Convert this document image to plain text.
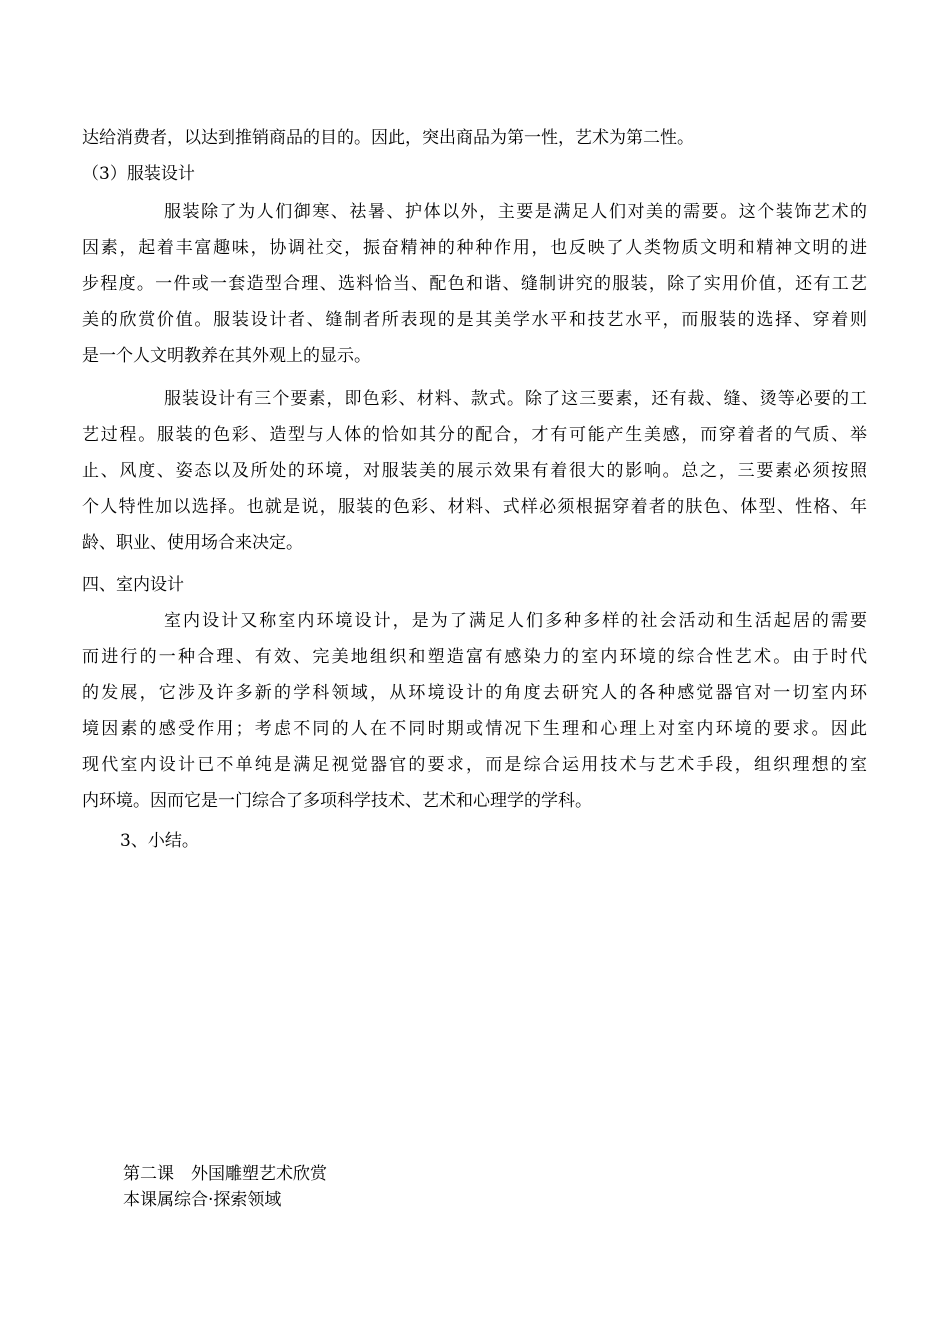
达给消费者，以达到推销商品的目的。因此，突出商品为第一性，艺术为第二性。

（3）服装设计

服装除了为人们御寒、祛暑、护体以外，主要是满足人们对美的需要。这个装饰艺术的

因素，起着丰富趣味，协调社交，振奋精神的种种作用，也反映了人类物质文明和精神文明的进

步程度。一件或一套造型合理、选料恰当、配色和谐、缝制讲究的服装，除了实用价值，还有工艺

美的欣赏价值。服装设计者、缝制者所表现的是其美学水平和技艺水平，而服装的选择、穿着则

是一个人文明教养在其外观上的显示。

服装设计有三个要素，即色彩、材料、款式。除了这三要素，还有裁、缝、烫等必要的工

艺过程。服装的色彩、造型与人体的恰如其分的配合，才有可能产生美感，而穿着者的气质、举

止、风度、姿态以及所处的环境，对服装美的展示效果有着很大的影响。总之，三要素必须按照

个人特性加以选择。也就是说，服装的色彩、材料、式样必须根据穿着者的肤色、体型、性格、年

龄、职业、使用场合来决定。

四、室内设计

室内设计又称室内环境设计，是为了满足人们多种多样的社会活动和生活起居的需要

而进行的一种合理、有效、完美地组织和塑造富有感染力的室内环境的综合性艺术。由于时代

的发展，它涉及许多新的学科领域，从环境设计的角度去研究人的各种感觉器官对一切室内环

境因素的感受作用；考虑不同的人在不同时期或情况下生理和心理上对室内环境的要求。因此

现代室内设计已不单纯是满足视觉器官的要求，而是综合运用技术与艺术手段，组织理想的室

内环境。因而它是一门综合了多项科学技术、艺术和心理学的学科。

3、小结。

第二课　外国雕塑艺术欣赏

本课属综合·探索领域
